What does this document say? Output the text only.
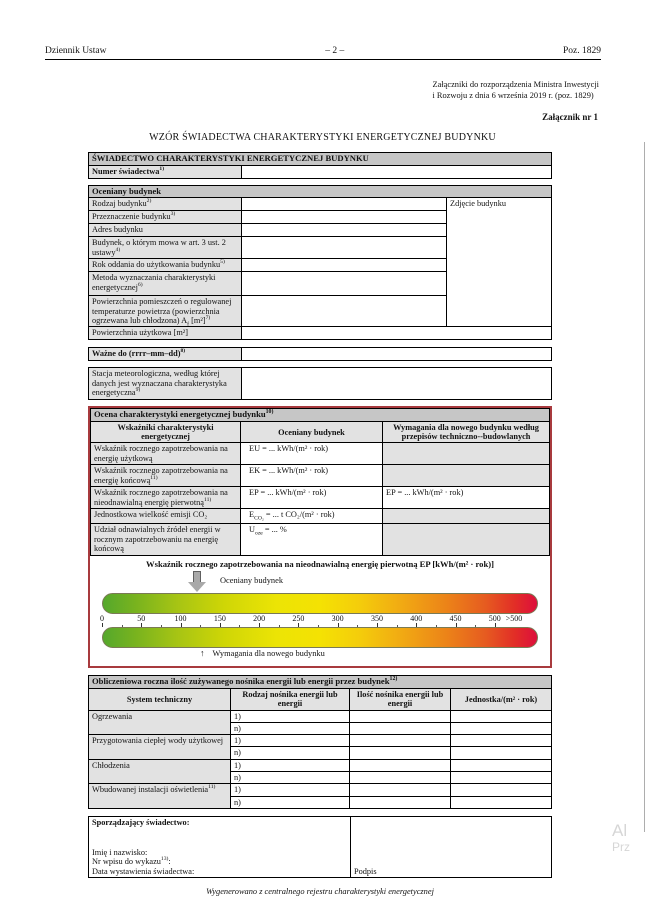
Dziennik Ustaw	– 2 –	Poz. 1829
Załączniki do rozporządzenia Ministra Inwestycji
i Rozwoju z dnia 6 września 2019 r. (poz. 1829)
Załącznik nr 1
WZÓR ŚWIADECTWA CHARAKTERYSTYKI ENERGETYCZNEJ BUDYNKU
ŚWIADECTWO CHARAKTERYSTYKI ENERGETYCZNEJ BUDYNKU
Numer świadectwa$^{1)}$	
Oceniany budynek		
Rodzaj budynku$^{2)}$		Zdjęcie budynku
Przeznaczenie budynku$^{3)}$	
Adres budynku		
Budynek, o którym mowa w art. 3 ust. 2 ustawy$^{4)}$	
Rok oddania do użytkowania budynku$^{5)}$	
Metoda wyznaczania charakterystyki energetycznej$^{6)}$	
Powierzchnia pomieszczeń o regulowanej temperaturze powietrza (powierzchnia ogrzewana lub chłodzona) $A_f$ $[m^2]^{7)}$	
Powierzchnia użytkowa [m²]		
Ważne do (rrrr–mm–dd)$^{8)}$	
Stacja meteorologiczna, według której danych jest wyznaczana charakterystyka energetyczna$^{9)}$	
Ocena charakterystyki energetycznej budynku$^{10)}$
Wskaźniki charakterystyki energetycznej	Oceniany budynek	Wymagania dla nowego budynku według przepisów techniczno--budowlanych
Wskaźnik rocznego zapotrzebowania na energię użytkową	EU = ... kWh/(m² · rok)	
Wskaźnik rocznego zapotrzebowania na energię końcową$^{11)}$	EK = ... kWh/(m² · rok)	
Wskaźnik rocznego zapotrzebowania na nieodnawialną energię pierwotną$^{11)}$	EP = ... kWh/(m² · rok)	EP = ... kWh/(m² · rok)
Jednostkowa wielkość emisji CO₂	$E_{CO_2}$ = ... t CO₂/(m² · rok)	
Udział odnawialnych źródeł energii w rocznym zapotrzebowaniu na energię końcową	$U_{oze}$ = ... %	
Wskaźnik rocznego zapotrzebowania na nieodnawialną energię pierwotną EP [kWh/(m² · rok)]
Oceniany budynek
0	50	100	150	200	250	300	350	400	450	500 >500
↑ Wymagania dla nowego budynku
Obliczeniowa roczna ilość zużywanego nośnika energii lub energii przez budynek$^{12)}$
System techniczny	Rodzaj nośnika energii lub energii	Ilość nośnika energii lub energii	Jednostka/(m² · rok)
Ogrzewania	1)		
	n)		
Przygotowania ciepłej wody użytkowej	1)		
	n)		
Chłodzenia	1)		
	n)		
Wbudowanej instalacji oświetlenia$^{11)}$	1)		
	n)		
Sporządzający świadectwo:
Imię i nazwisko:
Nr wpisu do wykazu$^{13)}$:
Data wystawienia świadectwa:	Podpis
Wygenerowano z centralnego rejestru charakterystyki energetycznej
Al
Prz
